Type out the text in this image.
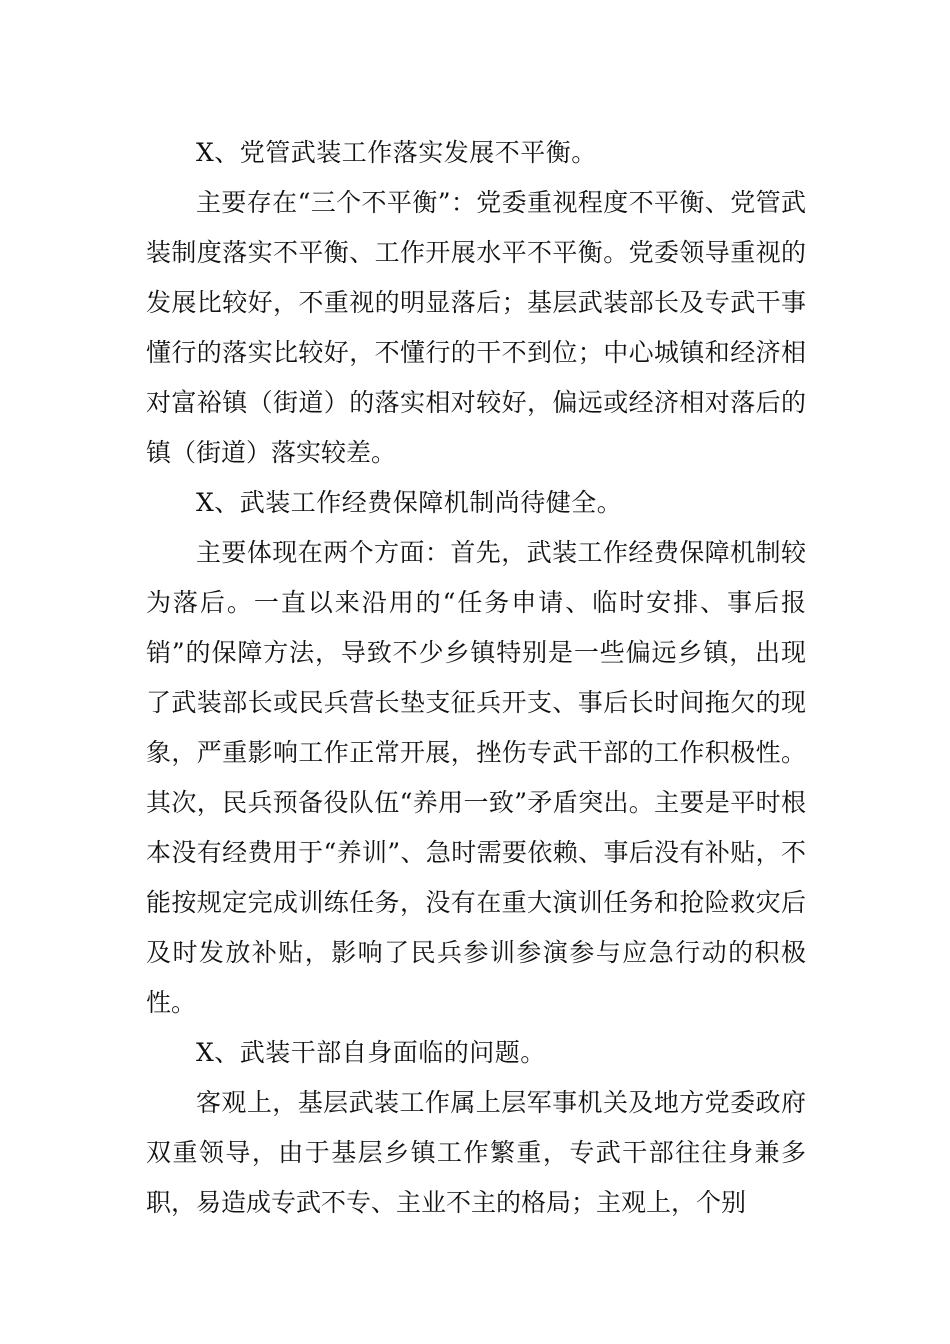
X、党管武装工作落实发展不平衡。

主要存在“三个不平衡”：党委重视程度不平衡、党管武装制度落实不平衡、工作开展水平不平衡。党委领导重视的发展比较好，不重视的明显落后；基层武装部长及专武干事懂行的落实比较好，不懂行的干不到位；中心城镇和经济相对富裕镇（街道）的落实相对较好，偏远或经济相对落后的镇（街道）落实较差。

X、武装工作经费保障机制尚待健全。

主要体现在两个方面：首先，武装工作经费保障机制较为落后。一直以来沿用的“任务申请、临时安排、事后报销”的保障方法，导致不少乡镇特别是一些偏远乡镇，出现了武装部长或民兵营长垫支征兵开支、事后长时间拖欠的现象，严重影响工作正常开展，挫伤专武干部的工作积极性。其次，民兵预备役队伍“养用一致”矛盾突出。主要是平时根本没有经费用于“养训”、急时需要依赖、事后没有补贴，不能按规定完成训练任务，没有在重大演训任务和抢险救灾后及时发放补贴，影响了民兵参训参演参与应急行动的积极性。

X、武装干部自身面临的问题。

客观上，基层武装工作属上层军事机关及地方党委政府双重领导，由于基层乡镇工作繁重，专武干部往往身兼多职，易造成专武不专、主业不主的格局；主观上，个别
